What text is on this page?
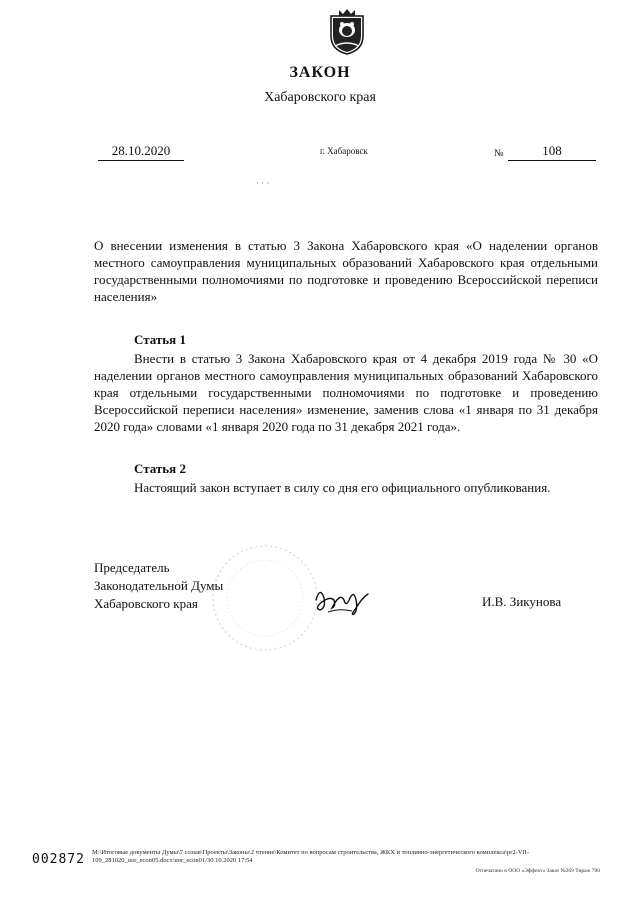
ЗАКОН
Хабаровского края
28.10.2020	г. Хабаровск	№	108
· · ·
О внесении изменения в статью 3 Закона Хабаровского края «О наделении органов местного самоуправления муниципальных образований Хабаровского края отдельными государственными полномочиями по подготовке и проведению Всероссийской переписи населения»
Статья 1
Внести в статью 3 Закона Хабаровского края от 4 декабря 2019 года № 30 «О наделении органов местного самоуправления муниципальных образований Хабаровского края отдельными государственными полномочиями по подготовке и проведению Всероссийской переписи населения» изменение, заменив слова «1 января по 31 декабря 2020 года» словами «1 января 2020 года по 31 декабря 2021 года».
Статья 2
Настоящий закон вступает в силу со дня его официального опубликования.
Председатель
Законодательной Думы
Хабаровского края	И.В. Зикунова
002872 М:\Итоговые документы Думы\7 созыв\Проекты\Законы\2 чтение\Комитет по вопросам строительства, ЖКХ и топливно-энергетического комплекса\pr2-VII-109_281020_uor_econ05.docx\uor_econ01/30.10.2020 17:54
Отпечатано в ООО «Эффект» Заказ №269 Тираж 700
